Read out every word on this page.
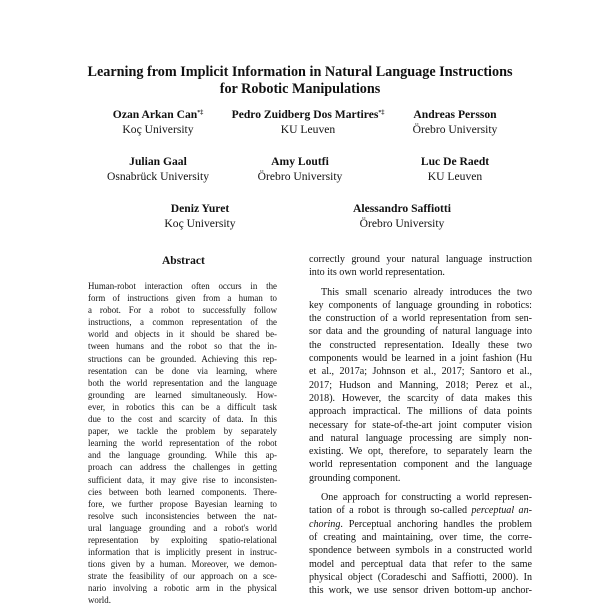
Learning from Implicit Information in Natural Language Instructions
for Robotic Manipulations
Ozan Arkan Can*‡
Koç University
Pedro Zuidberg Dos Martires*‡
KU Leuven
Andreas Persson
Örebro University
Julian Gaal
Osnabrück University
Amy Loutfi
Örebro University
Luc De Raedt
KU Leuven
Deniz Yuret
Koç University
Alessandro Saffiotti
Örebro University
Abstract
Human-robot interaction often occurs in the
form of instructions given from a human to
a robot. For a robot to successfully follow
instructions, a common representation of the
world and objects in it should be shared be-
tween humans and the robot so that the in-
structions can be grounded. Achieving this rep-
resentation can be done via learning, where
both the world representation and the language
grounding are learned simultaneously. How-
ever, in robotics this can be a difficult task
due to the cost and scarcity of data. In this
paper, we tackle the problem by separately
learning the world representation of the robot
and the language grounding. While this ap-
proach can address the challenges in getting
sufficient data, it may give rise to inconsisten-
cies between both learned components. There-
fore, we further propose Bayesian learning to
resolve such inconsistencies between the nat-
ural language grounding and a robot's world
representation by exploiting spatio-relational
information that is implicitly present in instruc-
tions given by a human. Moreover, we demon-
strate the feasibility of our approach on a sce-
nario involving a robotic arm in the physical
world.
correctly ground your natural language instruction
into its own world representation.
This small scenario already introduces the two
key components of language grounding in robotics:
the construction of a world representation from sen-
sor data and the grounding of natural language into
the constructed representation. Ideally these two
components would be learned in a joint fashion (Hu
et al., 2017a; Johnson et al., 2017; Santoro et al.,
2017; Hudson and Manning, 2018; Perez et al.,
2018). However, the scarcity of data makes this
approach impractical. The millions of data points
necessary for state-of-the-art joint computer vision
and natural language processing are simply non-
existing. We opt, therefore, to separately learn the
world representation component and the language
grounding component.
One approach for constructing a world represen-
tation of a robot is through so-called perceptual an-
choring. Perceptual anchoring handles the problem
of creating and maintaining, over time, the corre-
spondence between symbols in a constructed world
model and perceptual data that refer to the same
physical object (Coradeschi and Saffiotti, 2000). In
this work, we use sensor driven bottom-up anchor-
